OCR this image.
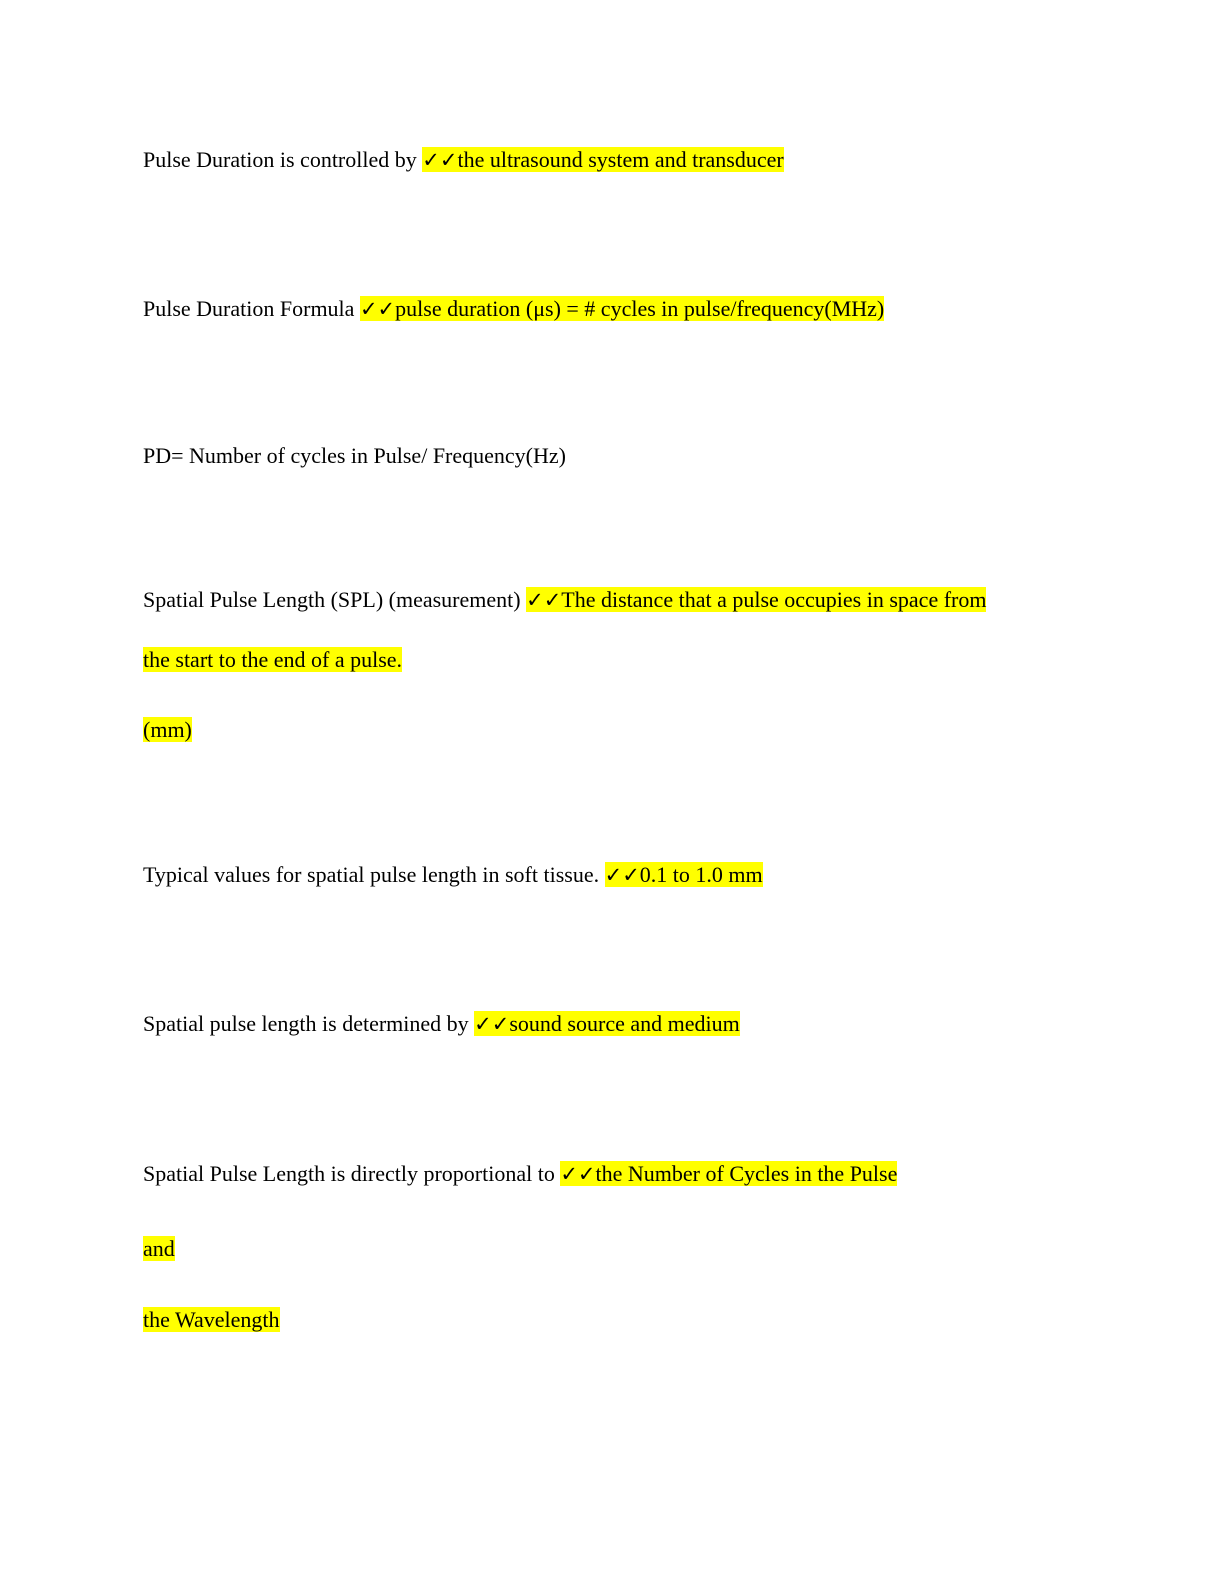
Pulse Duration is controlled by ✓✓the ultrasound system and transducer
Pulse Duration Formula ✓✓pulse duration (μs) = # cycles in pulse/frequency(MHz)
PD= Number of cycles in Pulse/ Frequency(Hz)
Spatial Pulse Length (SPL) (measurement) ✓✓The distance that a pulse occupies in space from
the start to the end of a pulse.
(mm)
Typical values for spatial pulse length in soft tissue. ✓✓0.1 to 1.0 mm
Spatial pulse length is determined by ✓✓sound source and medium
Spatial Pulse Length is directly proportional to ✓✓the Number of Cycles in the Pulse
and
the Wavelength
